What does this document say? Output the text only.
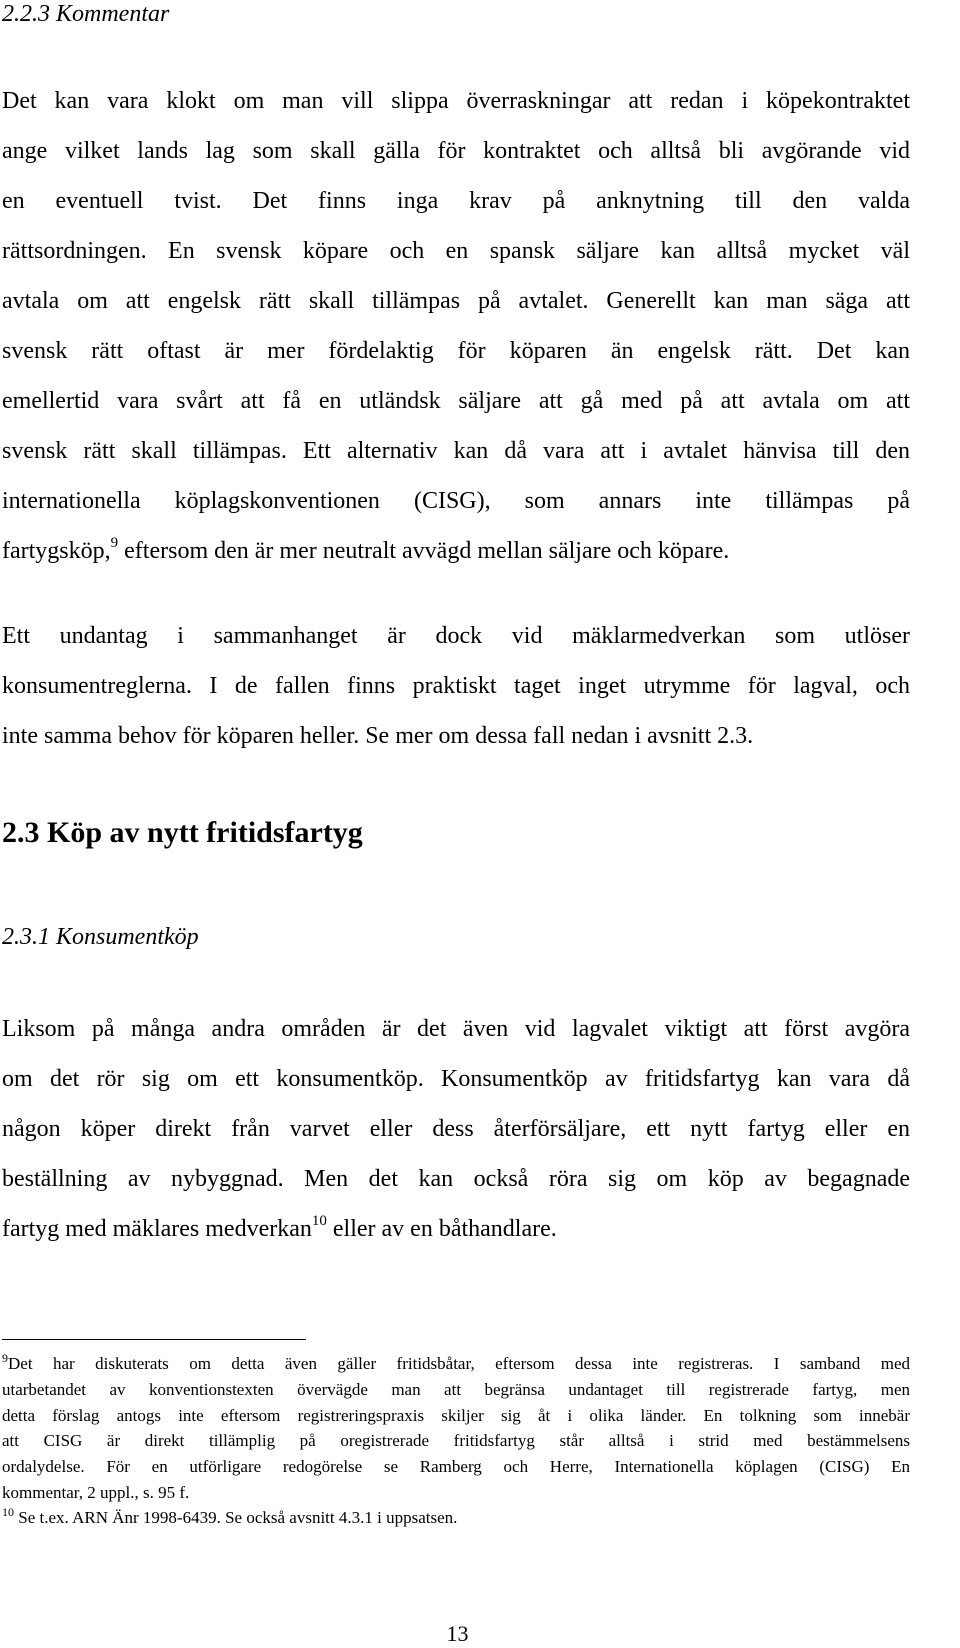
2.2.3 Kommentar
Det kan vara klokt om man vill slippa överraskningar att redan i köpekontraktet
ange vilket lands lag som skall gälla för kontraktet och alltså bli avgörande vid
en eventuell tvist. Det finns inga krav på anknytning till den valda
rättsordningen. En svensk köpare och en spansk säljare kan alltså mycket väl
avtala om att engelsk rätt skall tillämpas på avtalet. Generellt kan man säga att
svensk rätt oftast är mer fördelaktig för köparen än engelsk rätt. Det kan
emellertid vara svårt att få en utländsk säljare att gå med på att avtala om att
svensk rätt skall tillämpas. Ett alternativ kan då vara att i avtalet hänvisa till den
internationella köplagskonventionen (CISG), som annars inte tillämpas på
fartygsköp,$^9$ eftersom den är mer neutralt avvägd mellan säljare och köpare.
Ett undantag i sammanhanget är dock vid mäklarmedverkan som utlöser
konsumentreglerna. I de fallen finns praktiskt taget inget utrymme för lagval, och
inte samma behov för köparen heller. Se mer om dessa fall nedan i avsnitt 2.3.
2.3 Köp av nytt fritidsfartyg
2.3.1 Konsumentköp
Liksom på många andra områden är det även vid lagvalet viktigt att först avgöra
om det rör sig om ett konsumentköp. Konsumentköp av fritidsfartyg kan vara då
någon köper direkt från varvet eller dess återförsäljare, ett nytt fartyg eller en
beställning av nybyggnad. Men det kan också röra sig om köp av begagnade
fartyg med mäklares medverkan$^{10}$ eller av en båthandlare.
$^9$Det har diskuterats om detta även gäller fritidsbåtar, eftersom dessa inte registreras. I samband med
utarbetandet av konventionstexten övervägde man att begränsa undantaget till registrerade fartyg, men
detta förslag antogs inte eftersom registreringspraxis skiljer sig åt i olika länder. En tolkning som innebär
att CISG är direkt tillämplig på oregistrerade fritidsfartyg står alltså i strid med bestämmelsens
ordalydelse. För en utförligare redogörelse se Ramberg och Herre, Internationella köplagen (CISG) En
kommentar, 2 uppl., s. 95 f.
$^{10}$ Se t.ex. ARN Änr 1998-6439. Se också avsnitt 4.3.1 i uppsatsen.
13
